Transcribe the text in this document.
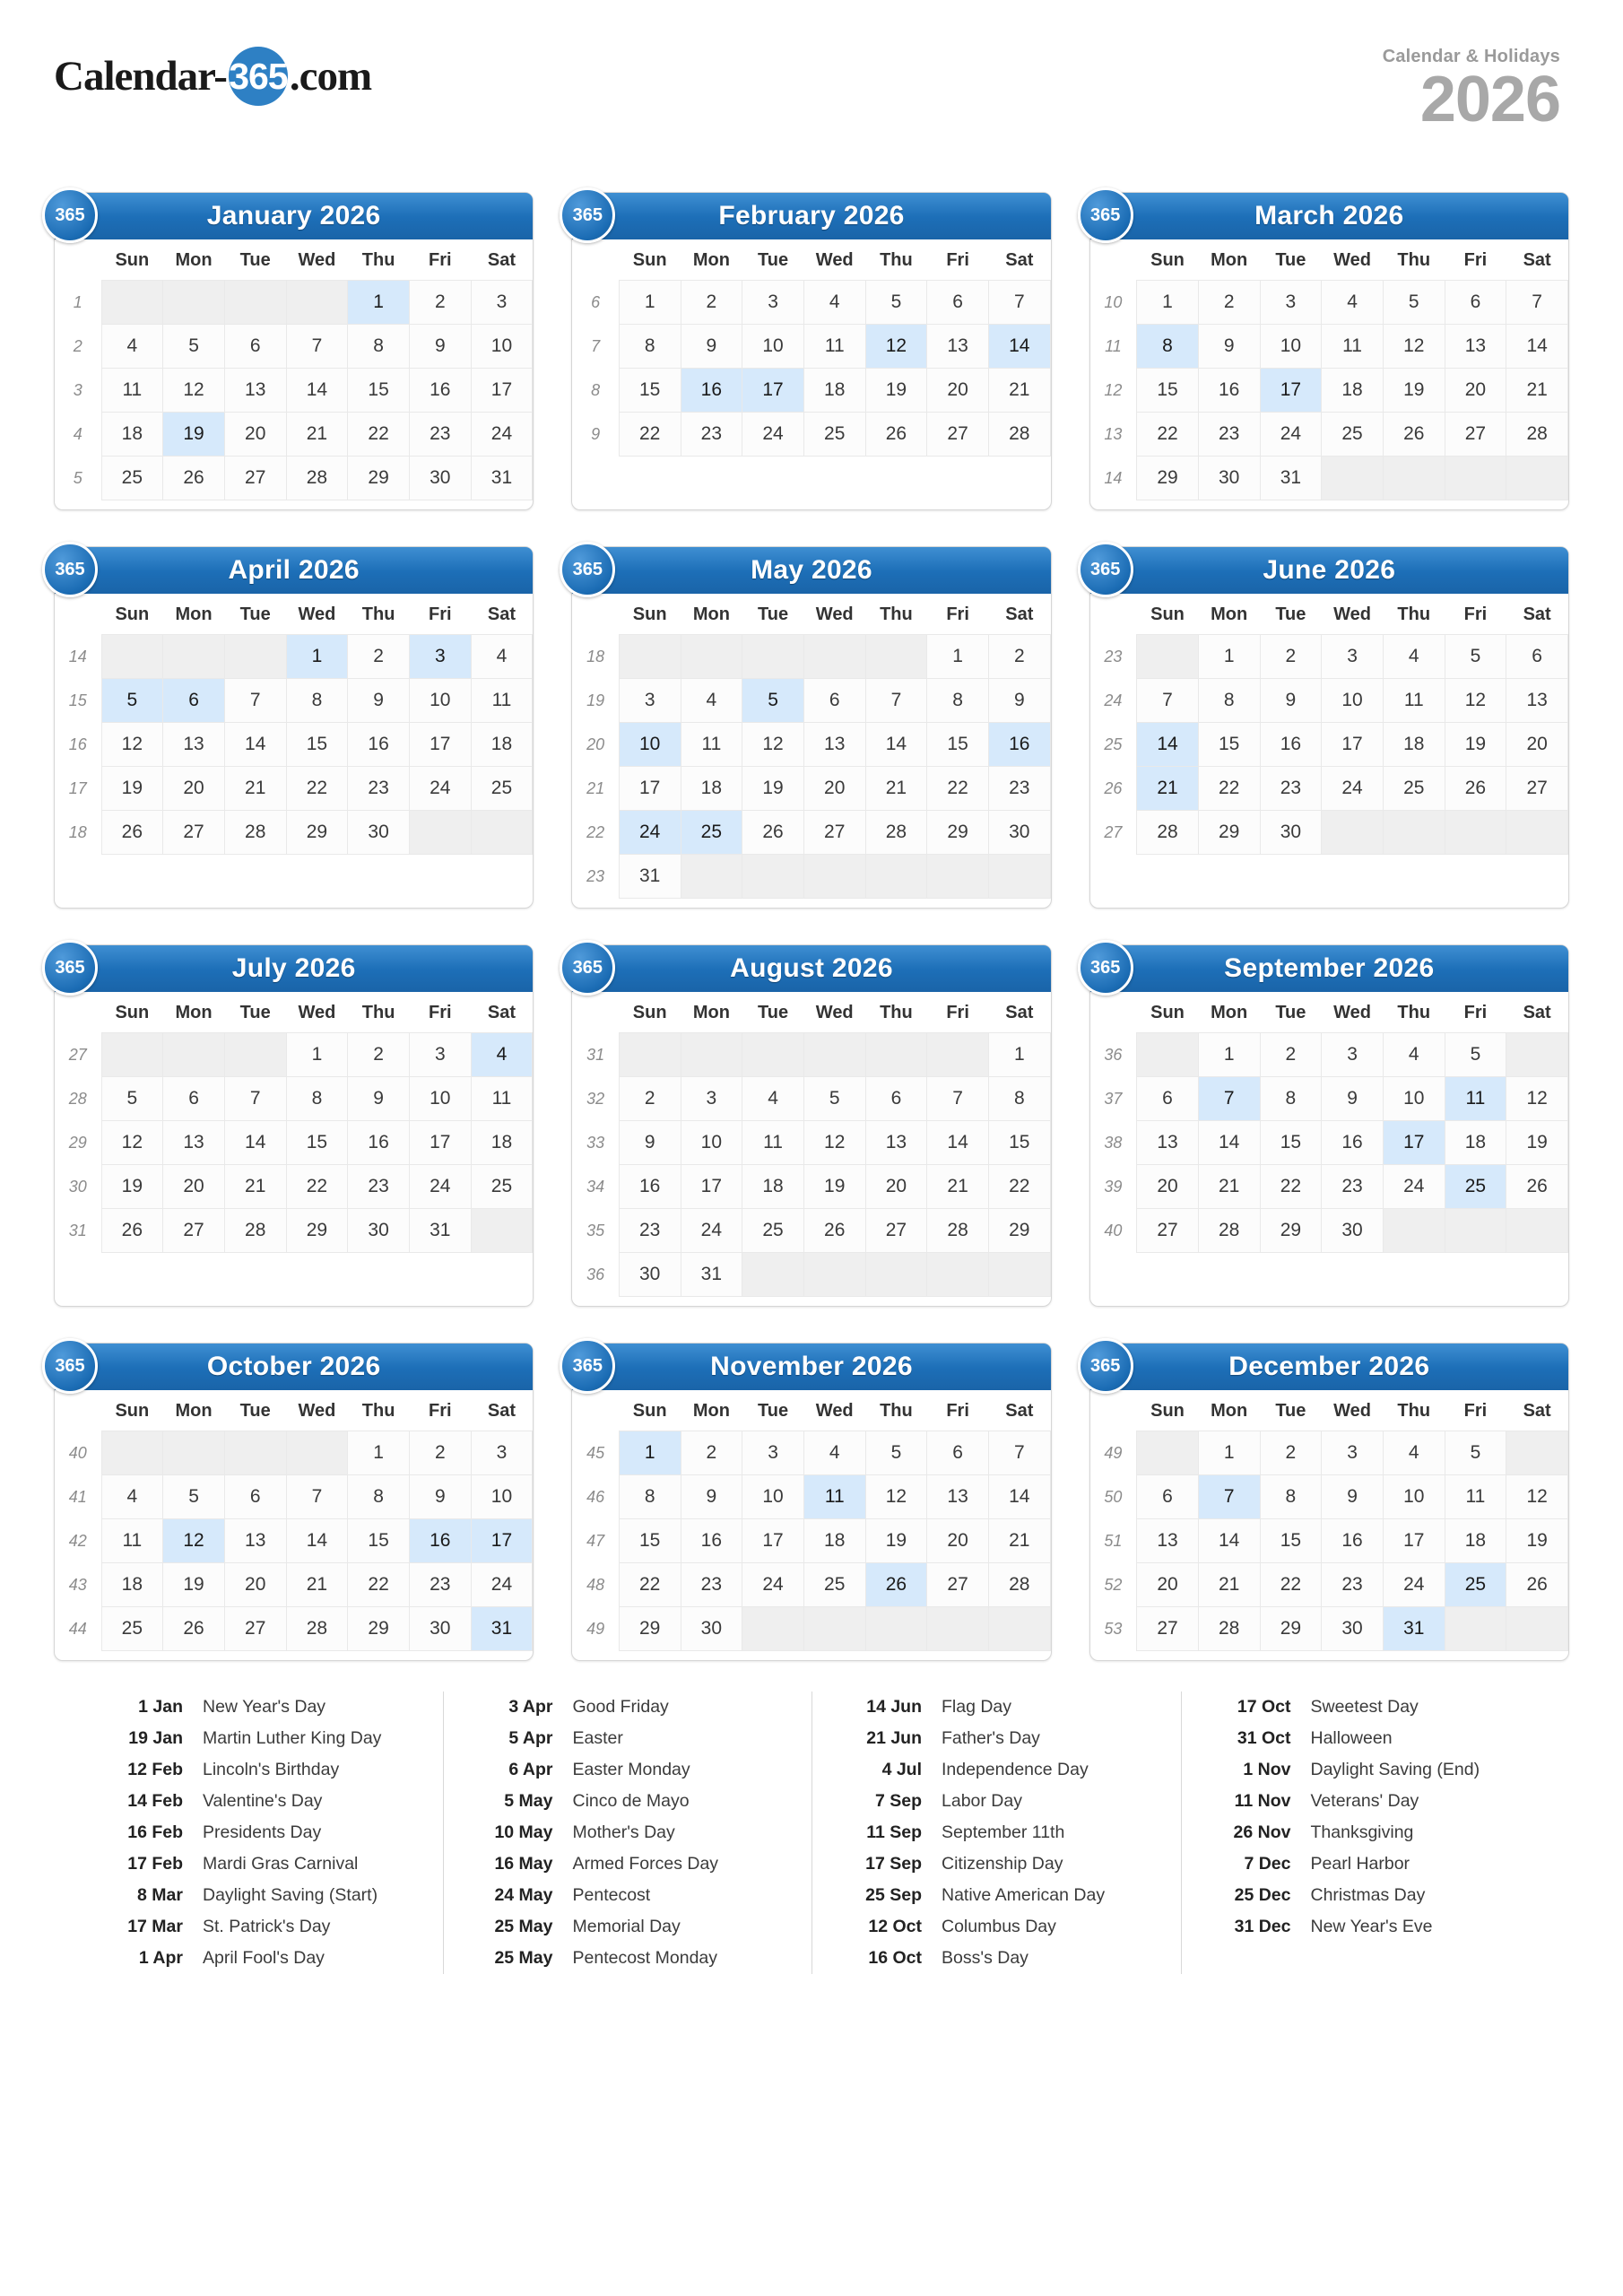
Calendar- 365 .com	Calendar & Holidays
2026
365	January 2026
	Sun	Mon	Tue	Wed	Thu	Fri	Sat
1					1	2	3
2	4	5	6	7	8	9	10
3	11	12	13	14	15	16	17
4	18	19	20	21	22	23	24
5	25	26	27	28	29	30	31
365	February 2026
	Sun	Mon	Tue	Wed	Thu	Fri	Sat
6	1	2	3	4	5	6	7
7	8	9	10	11	12	13	14
8	15	16	17	18	19	20	21
9	22	23	24	25	26	27	28
365	March 2026
	Sun	Mon	Tue	Wed	Thu	Fri	Sat
10	1	2	3	4	5	6	7
11	8	9	10	11	12	13	14
12	15	16	17	18	19	20	21
13	22	23	24	25	26	27	28
14	29	30	31				
365	April 2026
	Sun	Mon	Tue	Wed	Thu	Fri	Sat
14				1	2	3	4
15	5	6	7	8	9	10	11
16	12	13	14	15	16	17	18
17	19	20	21	22	23	24	25
18	26	27	28	29	30		
365	May 2026
	Sun	Mon	Tue	Wed	Thu	Fri	Sat
18						1	2
19	3	4	5	6	7	8	9
20	10	11	12	13	14	15	16
21	17	18	19	20	21	22	23
22	24	25	26	27	28	29	30
23	31						
365	June 2026
	Sun	Mon	Tue	Wed	Thu	Fri	Sat
23		1	2	3	4	5	6
24	7	8	9	10	11	12	13
25	14	15	16	17	18	19	20
26	21	22	23	24	25	26	27
27	28	29	30				
365	July 2026
	Sun	Mon	Tue	Wed	Thu	Fri	Sat
27				1	2	3	4
28	5	6	7	8	9	10	11
29	12	13	14	15	16	17	18
30	19	20	21	22	23	24	25
31	26	27	28	29	30	31	
365	August 2026
	Sun	Mon	Tue	Wed	Thu	Fri	Sat
31							1
32	2	3	4	5	6	7	8
33	9	10	11	12	13	14	15
34	16	17	18	19	20	21	22
35	23	24	25	26	27	28	29
36	30	31					
365	September 2026
	Sun	Mon	Tue	Wed	Thu	Fri	Sat
36		1	2	3	4	5	
37	6	7	8	9	10	11	12
38	13	14	15	16	17	18	19
39	20	21	22	23	24	25	26
40	27	28	29	30			
365	October 2026
	Sun	Mon	Tue	Wed	Thu	Fri	Sat
40					1	2	3
41	4	5	6	7	8	9	10
42	11	12	13	14	15	16	17
43	18	19	20	21	22	23	24
44	25	26	27	28	29	30	31
365	November 2026
	Sun	Mon	Tue	Wed	Thu	Fri	Sat
45	1	2	3	4	5	6	7
46	8	9	10	11	12	13	14
47	15	16	17	18	19	20	21
48	22	23	24	25	26	27	28
49	29	30					
365	December 2026
	Sun	Mon	Tue	Wed	Thu	Fri	Sat
49		1	2	3	4	5	
50	6	7	8	9	10	11	12
51	13	14	15	16	17	18	19
52	20	21	22	23	24	25	26
53	27	28	29	30	31		
1 Jan	New Year's Day
19 Jan	Martin Luther King Day
12 Feb	Lincoln's Birthday
14 Feb	Valentine's Day
16 Feb	Presidents Day
17 Feb	Mardi Gras Carnival
8 Mar	Daylight Saving (Start)
17 Mar	St. Patrick's Day
1 Apr	April Fool's Day
3 Apr	Good Friday
5 Apr	Easter
6 Apr	Easter Monday
5 May	Cinco de Mayo
10 May	Mother's Day
16 May	Armed Forces Day
24 May	Pentecost
25 May	Memorial Day
25 May	Pentecost Monday
14 Jun	Flag Day
21 Jun	Father's Day
4 Jul	Independence Day
7 Sep	Labor Day
11 Sep	September 11th
17 Sep	Citizenship Day
25 Sep	Native American Day
12 Oct	Columbus Day
16 Oct	Boss's Day
17 Oct	Sweetest Day
31 Oct	Halloween
1 Nov	Daylight Saving (End)
11 Nov	Veterans' Day
26 Nov	Thanksgiving
7 Dec	Pearl Harbor
25 Dec	Christmas Day
31 Dec	New Year's Eve
